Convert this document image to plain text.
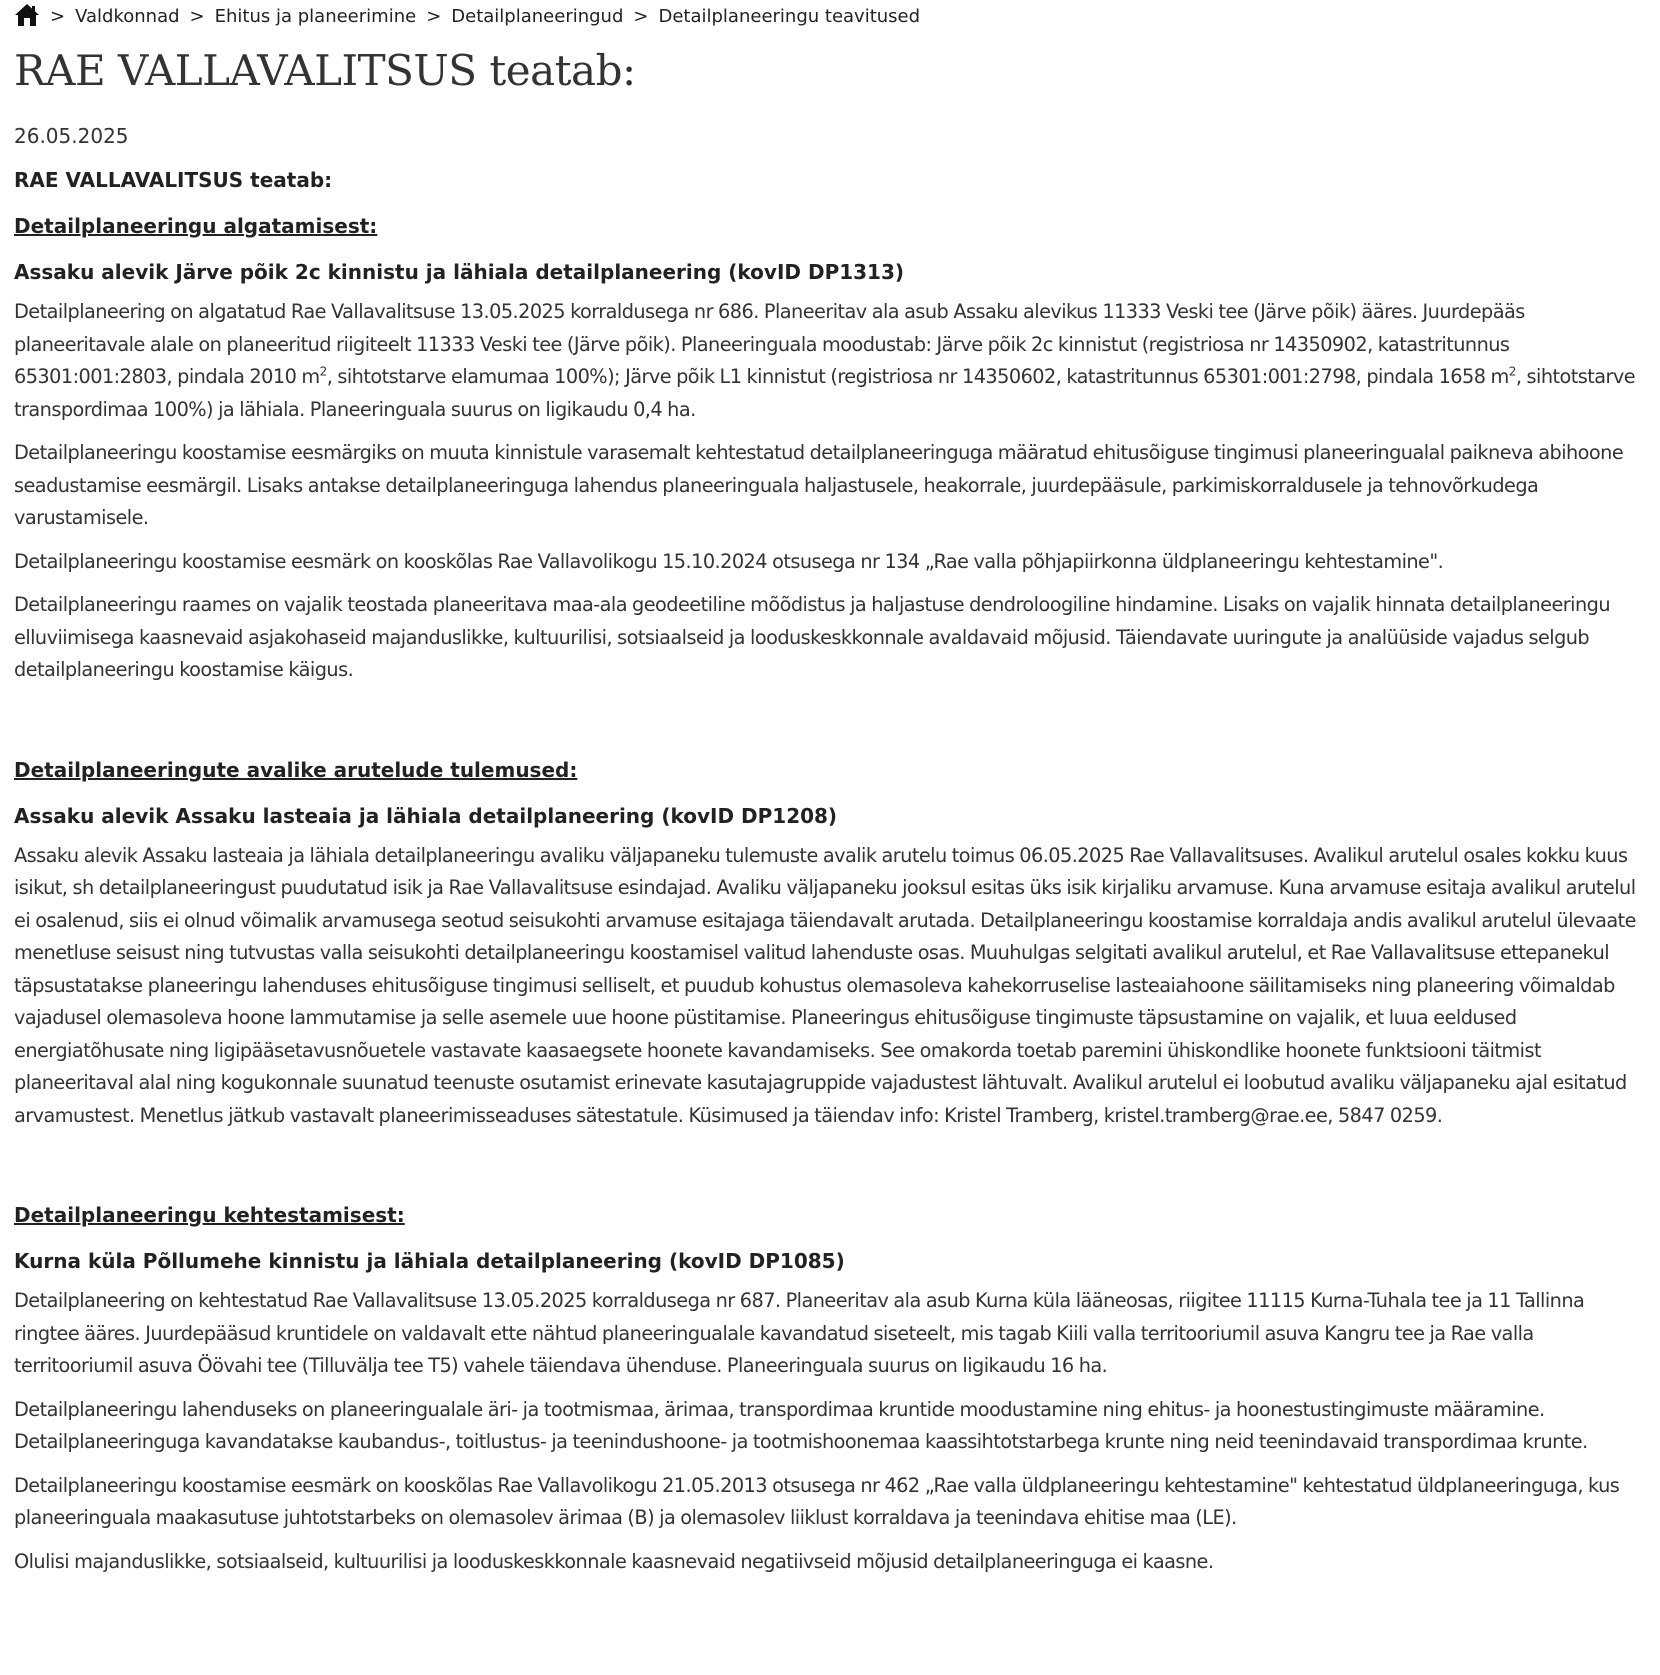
> Valdkonnad > Ehitus ja planeerimine > Detailplaneeringud > Detailplaneeringu teavitused
RAE VALLAVALITSUS teatab:
26.05.2025
RAE VALLAVALITSUS teatab:
Detailplaneeringu algatamisest:
Assaku alevik Järve põik 2c kinnistu ja lähiala detailplaneering (kovID DP1313)

Detailplaneering on algatatud Rae Vallavalitsuse 13.05.2025 korraldusega nr 686. Planeeritav ala asub Assaku alevikus 11333 Veski tee (Järve põik) ääres. Juurdepääs planeeritavale alale on planeeritud riigiteelt 11333 Veski tee (Järve põik). Planeeringuala moodustab: Järve põik 2c kinnistut (registriosa nr 14350902, katastritunnus 65301:001:2803, pindala 2010 $m^2$, sihtotstarve elamumaa 100%); Järve põik L1 kinnistut (registriosa nr 14350602, katastritunnus 65301:001:2798, pindala 1658 $m^2$, sihtotstarve transpordimaa 100%) ja lähiala. Planeeringuala suurus on ligikaudu 0,4 ha.

Detailplaneeringu koostamise eesmärgiks on muuta kinnistule varasemalt kehtestatud detailplaneeringuga määratud ehitusõiguse tingimusi planeeringualal paikneva abihoone seadustamise eesmärgil. Lisaks antakse detailplaneeringuga lahendus planeeringuala haljastusele, heakorrale, juurdepääsule, parkimiskorraldusele ja tehnovõrkudega varustamisele.

Detailplaneeringu koostamise eesmärk on kooskõlas Rae Vallavolikogu 15.10.2024 otsusega nr 134 „Rae valla põhjapiirkonna üldplaneeringu kehtestamine".

Detailplaneeringu raames on vajalik teostada planeeritava maa-ala geodeetiline mõõdistus ja haljastuse dendroloogiline hindamine. Lisaks on vajalik hinnata detailplaneeringu elluviimisega kaasnevaid asjakohaseid majanduslikke, kultuurilisi, sotsiaalseid ja looduskeskkonnale avaldavaid mõjusid. Täiendavate uuringute ja analüüside vajadus selgub detailplaneeringu koostamise käigus.

Detailplaneeringute avalike arutelude tulemused:
Assaku alevik Assaku lasteaia ja lähiala detailplaneering (kovID DP1208)

Assaku alevik Assaku lasteaia ja lähiala detailplaneeringu avaliku väljapaneku tulemuste avalik arutelu toimus 06.05.2025 Rae Vallavalitsuses. Avalikul arutelul osales kokku kuus isikut, sh detailplaneeringust puudutatud isik ja Rae Vallavalitsuse esindajad. Avaliku väljapaneku jooksul esitas üks isik kirjaliku arvamuse. Kuna arvamuse esitaja avalikul arutelul ei osalenud, siis ei olnud võimalik arvamusega seotud seisukohti arvamuse esitajaga täiendavalt arutada. Detailplaneeringu koostamise korraldaja andis avalikul arutelul ülevaate menetluse seisust ning tutvustas valla seisukohti detailplaneeringu koostamisel valitud lahenduste osas. Muuhulgas selgitati avalikul arutelul, et Rae Vallavalitsuse ettepanekul täpsustatakse planeeringu lahenduses ehitusõiguse tingimusi selliselt, et puudub kohustus olemasoleva kahekorruselise lasteaiahoone säilitamiseks ning planeering võimaldab vajadusel olemasoleva hoone lammutamise ja selle asemele uue hoone püstitamise. Planeeringus ehitusõiguse tingimuste täpsustamine on vajalik, et luua eeldused energiatõhusate ning ligipääsetavusnõuetele vastavate kaasaegsete hoonete kavandamiseks. See omakorda toetab paremini ühiskondlike hoonete funktsiooni täitmist planeeritaval alal ning kogukonnale suunatud teenuste osutamist erinevate kasutajagruppide vajadustest lähtuvalt. Avalikul arutelul ei loobutud avaliku väljapaneku ajal esitatud arvamustest. Menetlus jätkub vastavalt planeerimisseaduses sätestatule. Küsimused ja täiendav info: Kristel Tramberg, kristel.tramberg@rae.ee, 5847 0259.

Detailplaneeringu kehtestamisest:
Kurna küla Põllumehe kinnistu ja lähiala detailplaneering (kovID DP1085)

Detailplaneering on kehtestatud Rae Vallavalitsuse 13.05.2025 korraldusega nr 687. Planeeritav ala asub Kurna küla lääneosas, riigitee 11115 Kurna-Tuhala tee ja 11 Tallinna ringtee ääres. Juurdepääsud kruntidele on valdavalt ette nähtud planeeringualale kavandatud siseteelt, mis tagab Kiili valla territooriumil asuva Kangru tee ja Rae valla territooriumil asuva Öövahi tee (Tilluvälja tee T5) vahele täiendava ühenduse. Planeeringuala suurus on ligikaudu 16 ha.

Detailplaneeringu lahenduseks on planeeringualale äri- ja tootmismaa, ärimaa, transpordimaa kruntide moodustamine ning ehitus- ja hoonestustingimuste määramine. Detailplaneeringuga kavandatakse kaubandus-, toitlustus- ja teenindushoone- ja tootmishoonemaa kaassihtotstarbega krunte ning neid teenindavaid transpordimaa krunte.

Detailplaneeringu koostamise eesmärk on kooskõlas Rae Vallavolikogu 21.05.2013 otsusega nr 462 „Rae valla üldplaneeringu kehtestamine" kehtestatud üldplaneeringuga, kus planeeringuala maakasutuse juhtotstarbeks on olemasolev ärimaa (B) ja olemasolev liiklust korraldava ja teenindava ehitise maa (LE).

Olulisi majanduslikke, sotsiaalseid, kultuurilisi ja looduskeskkonnale kaasnevaid negatiivseid mõjusid detailplaneeringuga ei kaasne.
